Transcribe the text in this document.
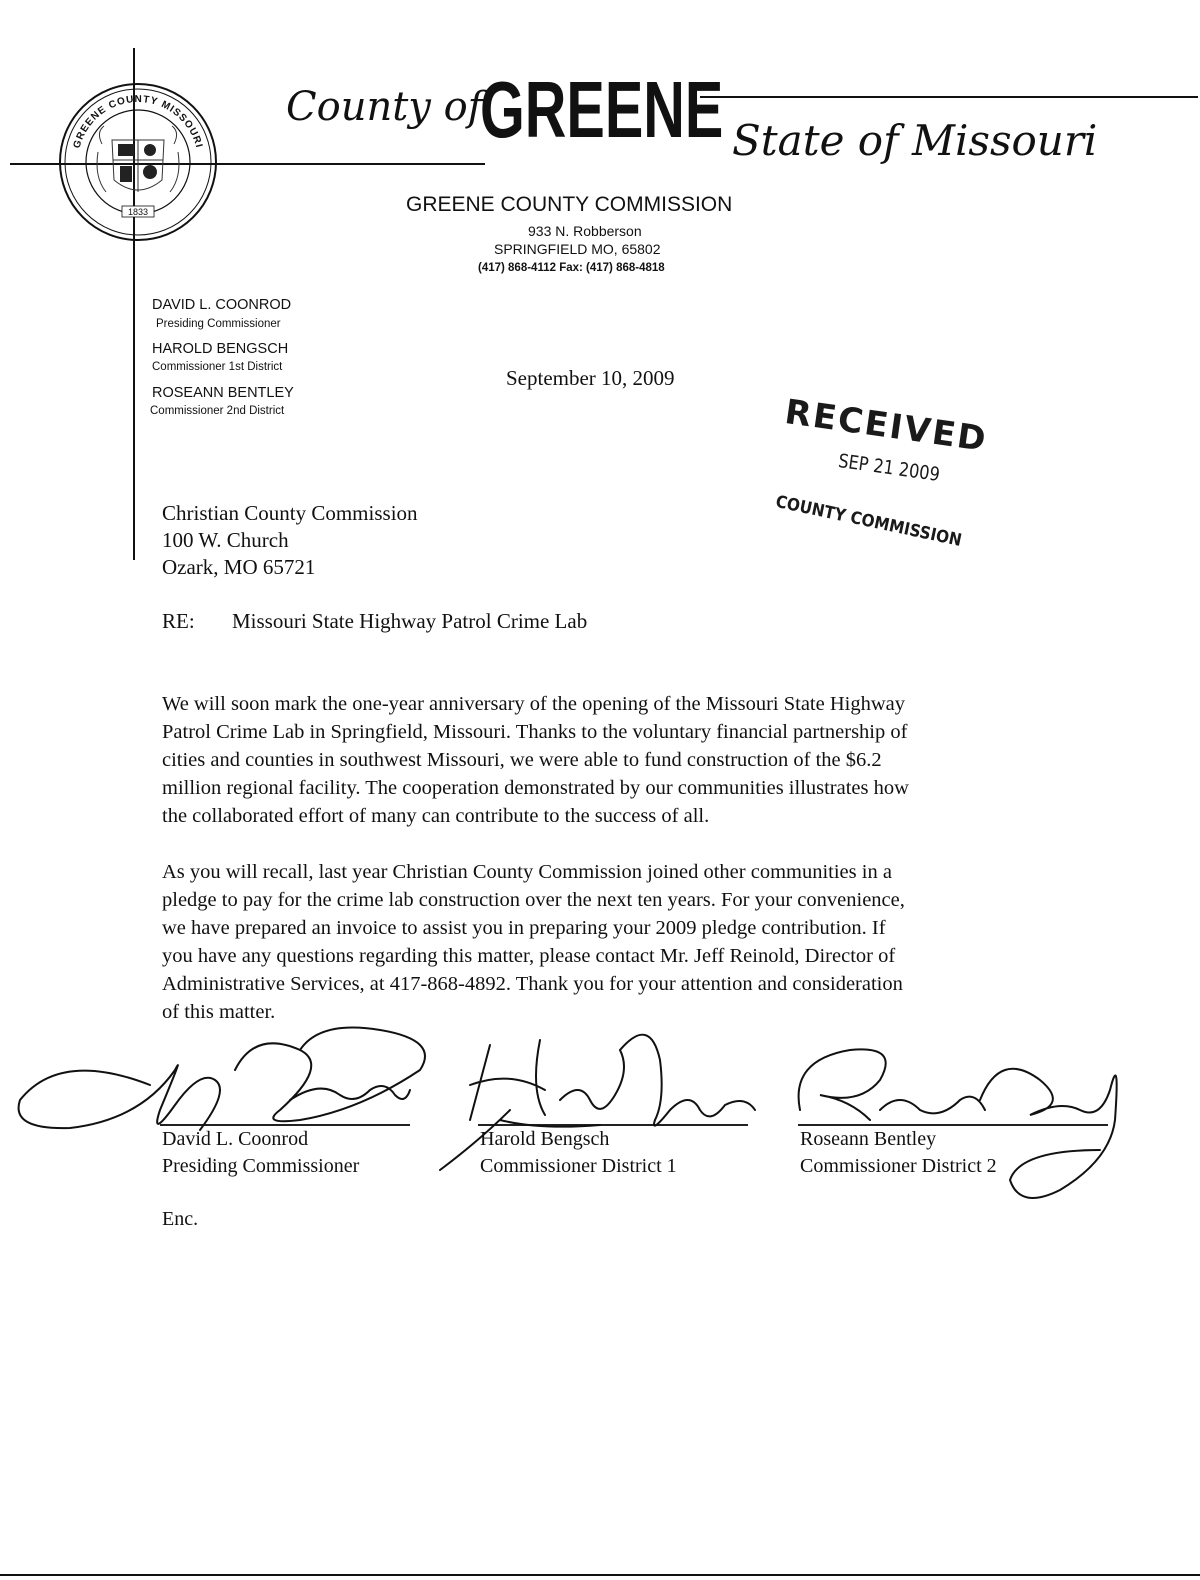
GREENE COUNTY MISSOURI
1833
County of
GREENE State of Missouri
GREENE COUNTY COMMISSION
933 N. Robberson
SPRINGFIELD MO, 65802
(417) 868-4112 Fax: (417) 868-4818
DAVID L. COONROD
Presiding Commissioner
HAROLD BENGSCH
Commissioner 1st District
ROSEANN BENTLEY
Commissioner 2nd District
September 10, 2009
RECEIVED
SEP 21 2009
COUNTY COMMISSION
Christian County Commission
100 W. Church
Ozark, MO 65721
RE: Missouri State Highway Patrol Crime Lab
We will soon mark the one-year anniversary of the opening of the Missouri State Highway
Patrol Crime Lab in Springfield, Missouri. Thanks to the voluntary financial partnership of
cities and counties in southwest Missouri, we were able to fund construction of the $6.2
million regional facility. The cooperation demonstrated by our communities illustrates how
the collaborated effort of many can contribute to the success of all.
As you will recall, last year Christian County Commission joined other communities in a
pledge to pay for the crime lab construction over the next ten years. For your convenience,
we have prepared an invoice to assist you in preparing your 2009 pledge contribution. If
you have any questions regarding this matter, please contact Mr. Jeff Reinold, Director of
Administrative Services, at 417-868-4892. Thank you for your attention and consideration
of this matter.
David L. Coonrod
Presiding Commissioner
Harold Bengsch
Commissioner District 1
Roseann Bentley
Commissioner District 2
Enc.
